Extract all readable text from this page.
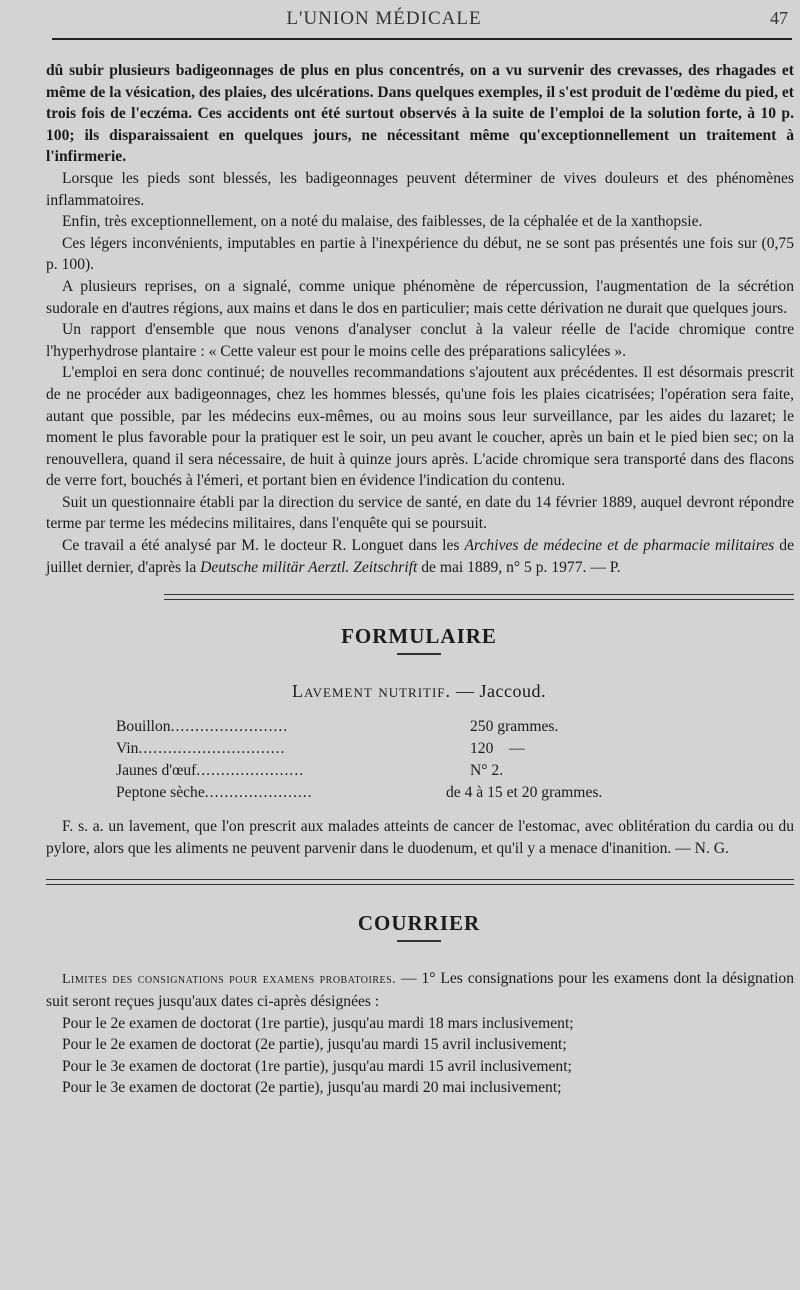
L'UNION MÉDICALE	47

dû subir plusieurs badigeonnages de plus en plus concentrés, on a vu survenir des crevasses, des rhagades et même de la vésication, des plaies, des ulcérations. Dans quelques exemples, il s'est produit de l'œdème du pied, et trois fois de l'eczéma. Ces accidents ont été surtout observés à la suite de l'emploi de la solution forte, à 10 p. 100; ils disparaissaient en quelques jours, ne nécessitant même qu'exceptionnellement un traitement à l'infirmerie.

Lorsque les pieds sont blessés, les badigeonnages peuvent déterminer de vives douleurs et des phénomènes inflammatoires.

Enfin, très exceptionnellement, on a noté du malaise, des faiblesses, de la céphalée et de la xanthopsie.

Ces légers inconvénients, imputables en partie à l'inexpérience du début, ne se sont pas présentés une fois sur (0,75 p. 100).

A plusieurs reprises, on a signalé, comme unique phénomène de répercussion, l'augmentation de la sécrétion sudorale en d'autres régions, aux mains et dans le dos en particulier; mais cette dérivation ne durait que quelques jours.

Un rapport d'ensemble que nous venons d'analyser conclut à la valeur réelle de l'acide chromique contre l'hyperhydrose plantaire : « Cette valeur est pour le moins celle des préparations salicylées ».

L'emploi en sera donc continué; de nouvelles recommandations s'ajoutent aux précédentes. Il est désormais prescrit de ne procéder aux badigeonnages, chez les hommes blessés, qu'une fois les plaies cicatrisées; l'opération sera faite, autant que possible, par les médecins eux-mêmes, ou au moins sous leur surveillance, par les aides du lazaret; le moment le plus favorable pour la pratiquer est le soir, un peu avant le coucher, après un bain et le pied bien sec; on la renouvellera, quand il sera nécessaire, de huit à quinze jours après. L'acide chromique sera transporté dans des flacons de verre fort, bouchés à l'émeri, et portant bien en évidence l'indication du contenu.

Suit un questionnaire établi par la direction du service de santé, en date du 14 février 1889, auquel devront répondre terme par terme les médecins militaires, dans l'enquête qui se poursuit.

Ce travail a été analysé par M. le docteur R. Longuet dans les Archives de médecine et de pharmacie militaires de juillet dernier, d'après la Deutsche militär Aerztl. Zeitschrift de mai 1889, n° 5 p. 1977. — P.

FORMULAIRE
Lavement nutritif. — Jaccoud.
Bouillon........................	250 grammes.
Vin..............................	120    —
Jaunes d'œuf......................	N° 2.
Peptone sèche......................	de 4 à 15 et 20 grammes.

F. s. a. un lavement, que l'on prescrit aux malades atteints de cancer de l'estomac, avec oblitération du cardia ou du pylore, alors que les aliments ne peuvent parvenir dans le duodenum, et qu'il y a menace d'inanition. — N. G.

COURRIER

Limites des consignations pour examens probatoires. — 1° Les consignations pour les examens dont la désignation suit seront reçues jusqu'aux dates ci-après désignées :

Pour le 2e examen de doctorat (1re partie), jusqu'au mardi 18 mars inclusivement;

Pour le 2e examen de doctorat (2e partie), jusqu'au mardi 15 avril inclusivement;

Pour le 3e examen de doctorat (1re partie), jusqu'au mardi 15 avril inclusivement;

Pour le 3e examen de doctorat (2e partie), jusqu'au mardi 20 mai inclusivement;
